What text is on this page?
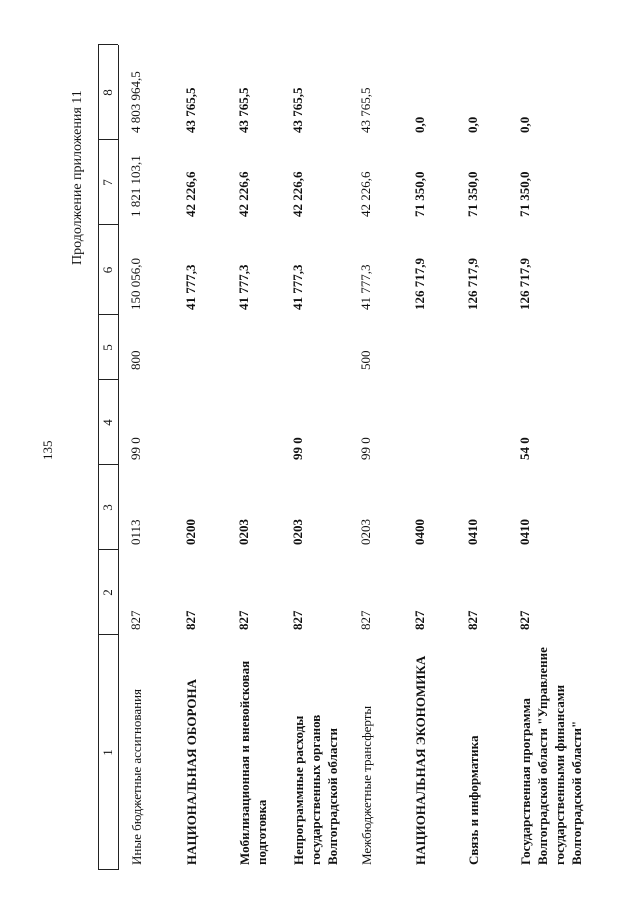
135
Продолжение приложения 11
1
2
3
4
5
6
7
8
Иные бюджетные ассигнования
827
0113
99 0
800
150 056,0
1 821 103,1
4 803 964,5
НАЦИОНАЛЬНАЯ ОБОРОНА
827
0200
41 777,3
42 226,6
43 765,5
Мобилизационная и вневойсковая подготовка
827
0203
41 777,3
42 226,6
43 765,5
Непрограммные расходы государственных органов Волгоградской области
827
0203
99 0
41 777,3
42 226,6
43 765,5
Межбюджетные трансферты
827
0203
99 0
500
41 777,3
42 226,6
43 765,5
НАЦИОНАЛЬНАЯ ЭКОНОМИКА
827
0400
126 717,9
71 350,0
0,0
Связь и информатика
827
0410
126 717,9
71 350,0
0,0
Государственная программа Волгоградской области "Управление государственными финансами Волгоградской области"
827
0410
54 0
126 717,9
71 350,0
0,0
